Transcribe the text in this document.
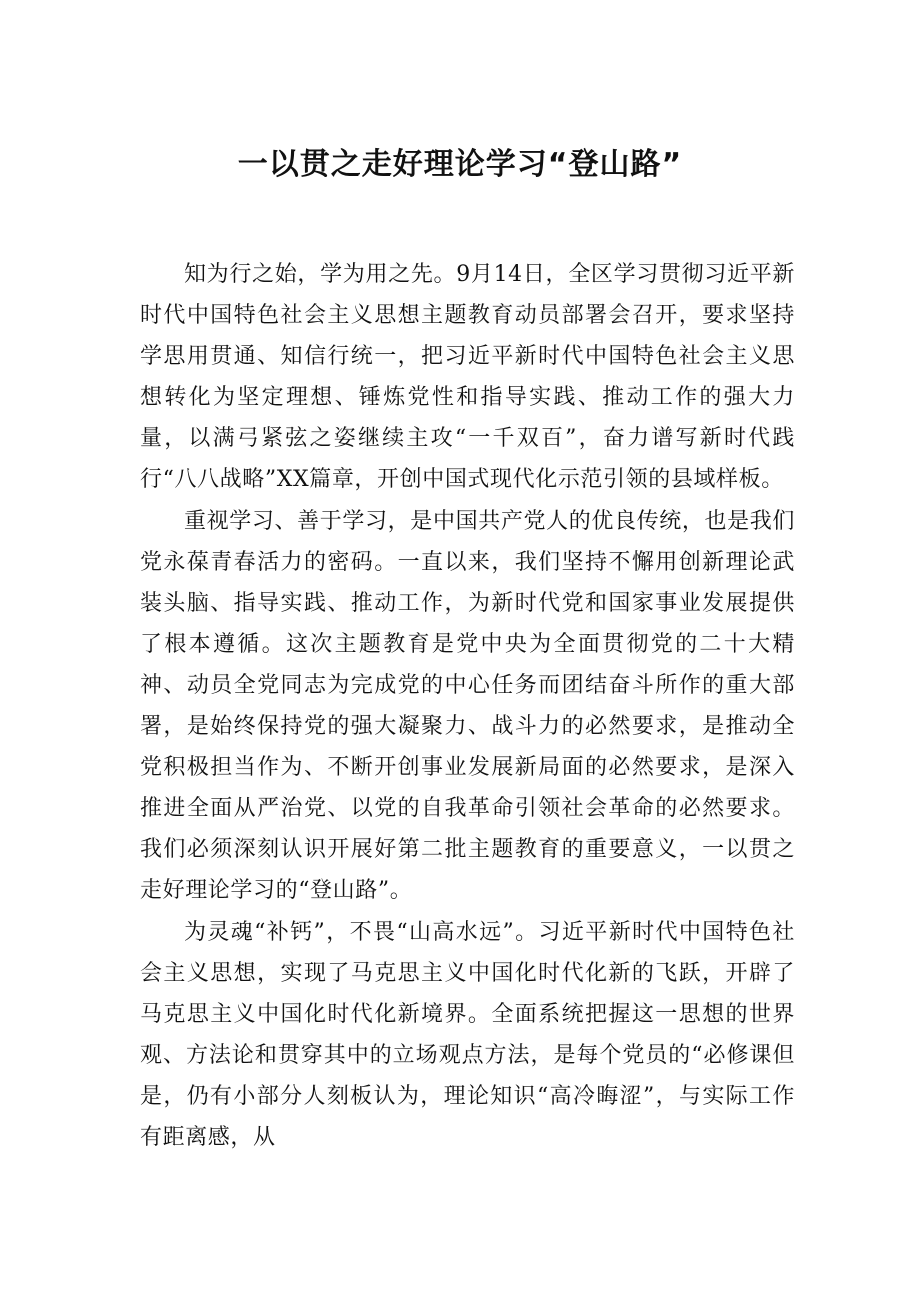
一以贯之走好理论学习“登山路”

知为行之始，学为用之先。9月14日，全区学习贯彻习近平新时代中国特色社会主义思想主题教育动员部署会召开，要求坚持学思用贯通、知信行统一，把习近平新时代中国特色社会主义思想转化为坚定理想、锤炼党性和指导实践、推动工作的强大力量，以满弓紧弦之姿继续主攻“一千双百”，奋力谱写新时代践行“八八战略”XX篇章，开创中国式现代化示范引领的县域样板。

重视学习、善于学习，是中国共产党人的优良传统，也是我们党永葆青春活力的密码。一直以来，我们坚持不懈用创新理论武装头脑、指导实践、推动工作，为新时代党和国家事业发展提供了根本遵循。这次主题教育是党中央为全面贯彻党的二十大精神、动员全党同志为完成党的中心任务而团结奋斗所作的重大部署，是始终保持党的强大凝聚力、战斗力的必然要求，是推动全党积极担当作为、不断开创事业发展新局面的必然要求，是深入推进全面从严治党、以党的自我革命引领社会革命的必然要求。我们必须深刻认识开展好第二批主题教育的重要意义，一以贯之走好理论学习的“登山路”。

为灵魂“补钙”，不畏“山高水远”。习近平新时代中国特色社会主义思想，实现了马克思主义中国化时代化新的飞跃，开辟了马克思主义中国化时代化新境界。全面系统把握这一思想的世界观、方法论和贯穿其中的立场观点方法，是每个党员的“必修课但是，仍有小部分人刻板认为，理论知识“高冷晦涩”，与实际工作有距离感，从
